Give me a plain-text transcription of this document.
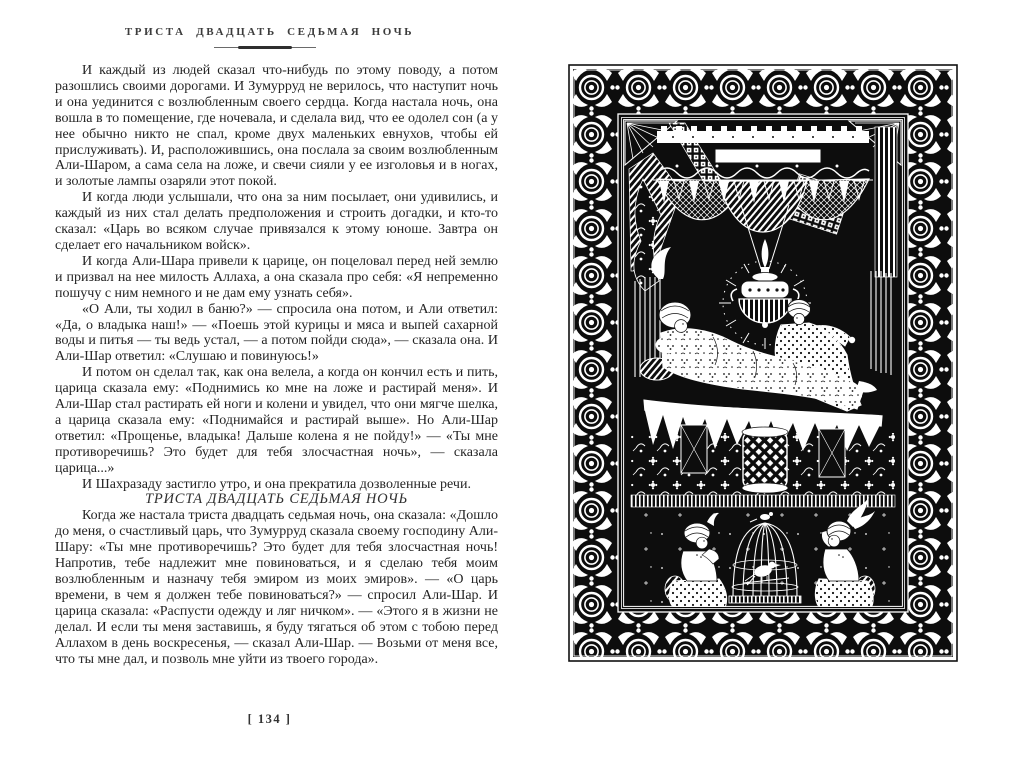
ТРИСТА ДВАДЦАТЬ СЕДЬМАЯ НОЧЬ

И каждый из людей сказал что-нибудь по этому поводу, а потом разошлись своими дорогами. И Зумурруд не верилось, что наступит ночь и она уединится с возлюбленным своего сердца. Когда настала ночь, она вошла в то помещение, где ночевала, и сделала вид, что ее одолел сон (а у нее обычно никто не спал, кроме двух маленьких евнухов, чтобы ей прислуживать). И, расположившись, она послала за своим возлюбленным Али-Шаром, а сама села на ложе, и свечи сияли у ее изголовья и в ногах, и золотые лампы озаряли этот покой.

И когда люди услышали, что она за ним посылает, они удивились, и каждый из них стал делать предположения и строить догадки, и кто-то сказал: «Царь во всяком случае привязался к этому юноше. Завтра он сделает его начальником войск».

И когда Али-Шара привели к царице, он поцеловал перед ней землю и призвал на нее милость Аллаха, а она сказала про себя: «Я непременно пошучу с ним немного и не дам ему узнать себя».

«О Али, ты ходил в баню?» — спросила она потом, и Али ответил: «Да, о владыка наш!» — «Поешь этой курицы и мяса и выпей сахарной воды и питья — ты ведь устал, — а потом пойди сюда», — сказала она. И Али-Шар ответил: «Слушаю и повинуюсь!»

И потом он сделал так, как она велела, а когда он кончил есть и пить, царица сказала ему: «Поднимись ко мне на ложе и растирай меня». И Али-Шар стал растирать ей ноги и колени и увидел, что они мягче шелка, а царица сказала ему: «Поднимайся и растирай выше». Но Али-Шар ответил: «Прощенье, владыка! Дальше колена я не пойду!» — «Ты мне противоречишь? Это будет для тебя злосчастная ночь», — сказала царица...»

И Шахразаду застигло утро, и она прекратила дозволенные речи.

ТРИСТА ДВАДЦАТЬ СЕДЬМАЯ НОЧЬ

Когда же настала триста двадцать седьмая ночь, она сказала: «Дошло до меня, о счастливый царь, что Зумурруд сказала своему господину Али-Шару: «Ты мне противоречишь? Это будет для тебя злосчастная ночь! Напротив, тебе надлежит мне повиноваться, и я сделаю тебя моим возлюбленным и назначу тебя эмиром из моих эмиров». — «О царь времени, в чем я должен тебе повиноваться?» — спросил Али-Шар. И царица сказала: «Распусти одежду и ляг ничком». — «Этого я в жизни не делал. И если ты меня заставишь, я буду тягаться об этом с тобою перед Аллахом в день воскресенья, — сказал Али-Шар. — Возьми от меня все, что ты мне дал, и позволь мне уйти из твоего города».

[ 134 ]
